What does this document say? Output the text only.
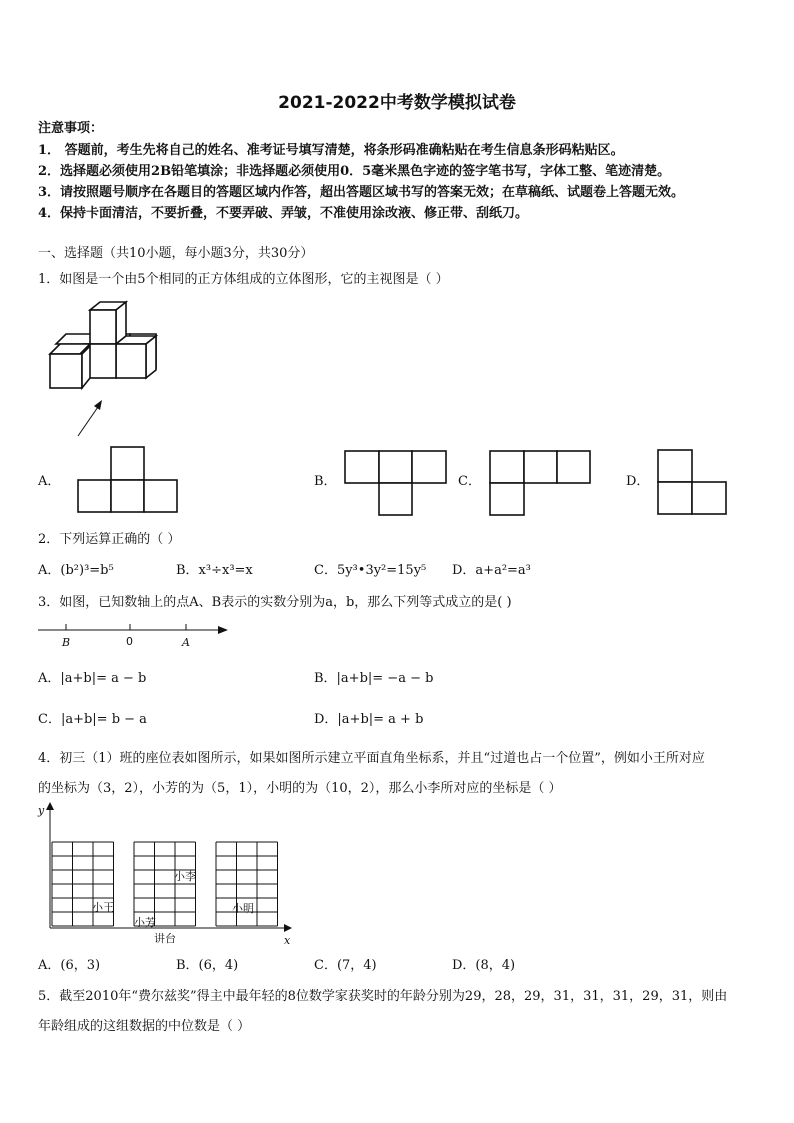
2021-2022中考数学模拟试卷
注意事项：
1． 答题前，考生先将自己的姓名、准考证号填写清楚，将条形码准确粘贴在考生信息条形码粘贴区。
2．选择题必须使用2B铅笔填涂；非选择题必须使用0．5毫米黑色字迹的签字笔书写，字体工整、笔迹清楚。
3．请按照题号顺序在各题目的答题区域内作答，超出答题区域书写的答案无效；在草稿纸、试题卷上答题无效。
4．保持卡面清洁，不要折叠，不要弄破、弄皱，不准使用涂改液、修正带、刮纸刀。
一、选择题（共10小题，每小题3分，共30分）
1．如图是一个由5个相同的正方体组成的立体图形，它的主视图是（ ）
A．	B．	C．	D．
2．下列运算正确的（ ）
A．(b²)³=b⁵	B．x³÷x³=x	C．5y³•3y²=15y⁵ D．a+a²=a³
3．如图，已知数轴上的点A、B表示的实数分别为a，b，那么下列等式成立的是( )
B	0	A
A．|a+b|= a − b	B．|a+b|= −a − b
C．|a+b|= b − a	D．|a+b|= a + b
4．初三（1）班的座位表如图所示，如果如图所示建立平面直角坐标系，并且“过道也占一个位置”，例如小王所对应
的坐标为（3，2），小芳的为（5，1），小明的为（10，2），那么小李所对应的坐标是（ ）
y
x
小王
小芳
小李
小明
讲台
A．(6，3)	B．(6，4)	C．(7，4)	D．(8，4)
5．截至2010年“费尔兹奖”得主中最年轻的8位数学家获奖时的年龄分别为29，28，29，31，31，31，29，31，则由
年龄组成的这组数据的中位数是（ ）
